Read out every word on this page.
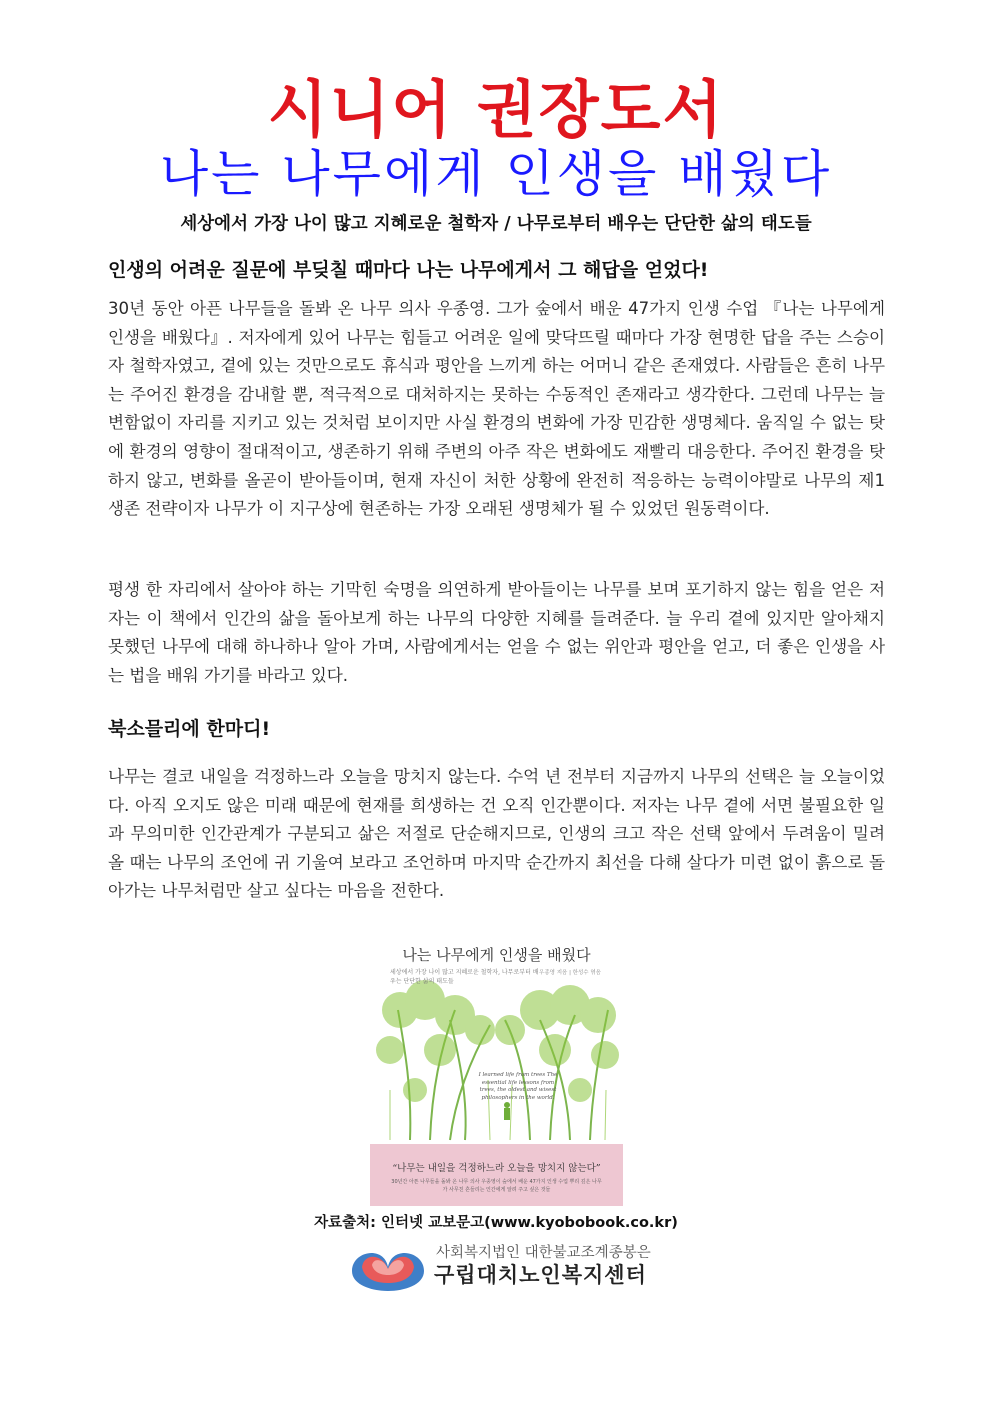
시니어 권장도서
나는 나무에게 인생을 배웠다
세상에서 가장 나이 많고 지혜로운 철학자 / 나무로부터 배우는 단단한 삶의 태도들
인생의 어려운 질문에 부딪칠 때마다 나는 나무에게서 그 해답을 얻었다!

30년 동안 아픈 나무들을 돌봐 온 나무 의사 우종영. 그가 숲에서 배운 47가지 인생 수업 『나는 나무에게 인생을 배웠다』. 저자에게 있어 나무는 힘들고 어려운 일에 맞닥뜨릴 때마다 가장 현명한 답을 주는 스승이자 철학자였고, 곁에 있는 것만으로도 휴식과 평안을 느끼게 하는 어머니 같은 존재였다. 사람들은 흔히 나무는 주어진 환경을 감내할 뿐, 적극적으로 대처하지는 못하는 수동적인 존재라고 생각한다. 그런데 나무는 늘 변함없이 자리를 지키고 있는 것처럼 보이지만 사실 환경의 변화에 가장 민감한 생명체다. 움직일 수 없는 탓에 환경의 영향이 절대적이고, 생존하기 위해 주변의 아주 작은 변화에도 재빨리 대응한다. 주어진 환경을 탓하지 않고, 변화를 올곧이 받아들이며, 현재 자신이 처한 상황에 완전히 적응하는 능력이야말로 나무의 제1 생존 전략이자 나무가 이 지구상에 현존하는 가장 오래된 생명체가 될 수 있었던 원동력이다.

평생 한 자리에서 살아야 하는 기막힌 숙명을 의연하게 받아들이는 나무를 보며 포기하지 않는 힘을 얻은 저자는 이 책에서 인간의 삶을 돌아보게 하는 나무의 다양한 지혜를 들려준다. 늘 우리 곁에 있지만 알아채지 못했던 나무에 대해 하나하나 알아 가며, 사람에게서는 얻을 수 없는 위안과 평안을 얻고, 더 좋은 인생을 사는 법을 배워 가기를 바라고 있다.

북소믈리에 한마디!

나무는 결코 내일을 걱정하느라 오늘을 망치지 않는다. 수억 년 전부터 지금까지 나무의 선택은 늘 오늘이었다. 아직 오지도 않은 미래 때문에 현재를 희생하는 건 오직 인간뿐이다. 저자는 나무 곁에 서면 불필요한 일과 무의미한 인간관계가 구분되고 삶은 저절로 단순해지므로, 인생의 크고 작은 선택 앞에서 두려움이 밀려올 때는 나무의 조언에 귀 기울여 보라고 조언하며 마지막 순간까지 최선을 다해 살다가 미련 없이 흙으로 돌아가는 나무처럼만 살고 싶다는 마음을 전한다.

나는 나무에게 인생을 배웠다
세상에서 가장 나이 많고 지혜로운 철학자, 나무로부터 배우는 단단한 삶의 태도들
우종영 지음 | 한성수 엮음
I learned life from trees The essential life lessons from trees, the oldest and wisest philosophers in the world.
“나무는 내일을 걱정하느라 오늘을 망치지 않는다”
30년간 아픈 나무들을 돌봐 온 나무 의사 우종영이 숲에서 배운 47가지 인생 수업 뿌리 깊은 나무가 사무친 흔들리는 인간에게 알려 주고 싶은 것들
자료출처: 인터넷 교보문고(www.kyobobook.co.kr)
사회복지법인 대한불교조계종봉은
구립대치노인복지센터
